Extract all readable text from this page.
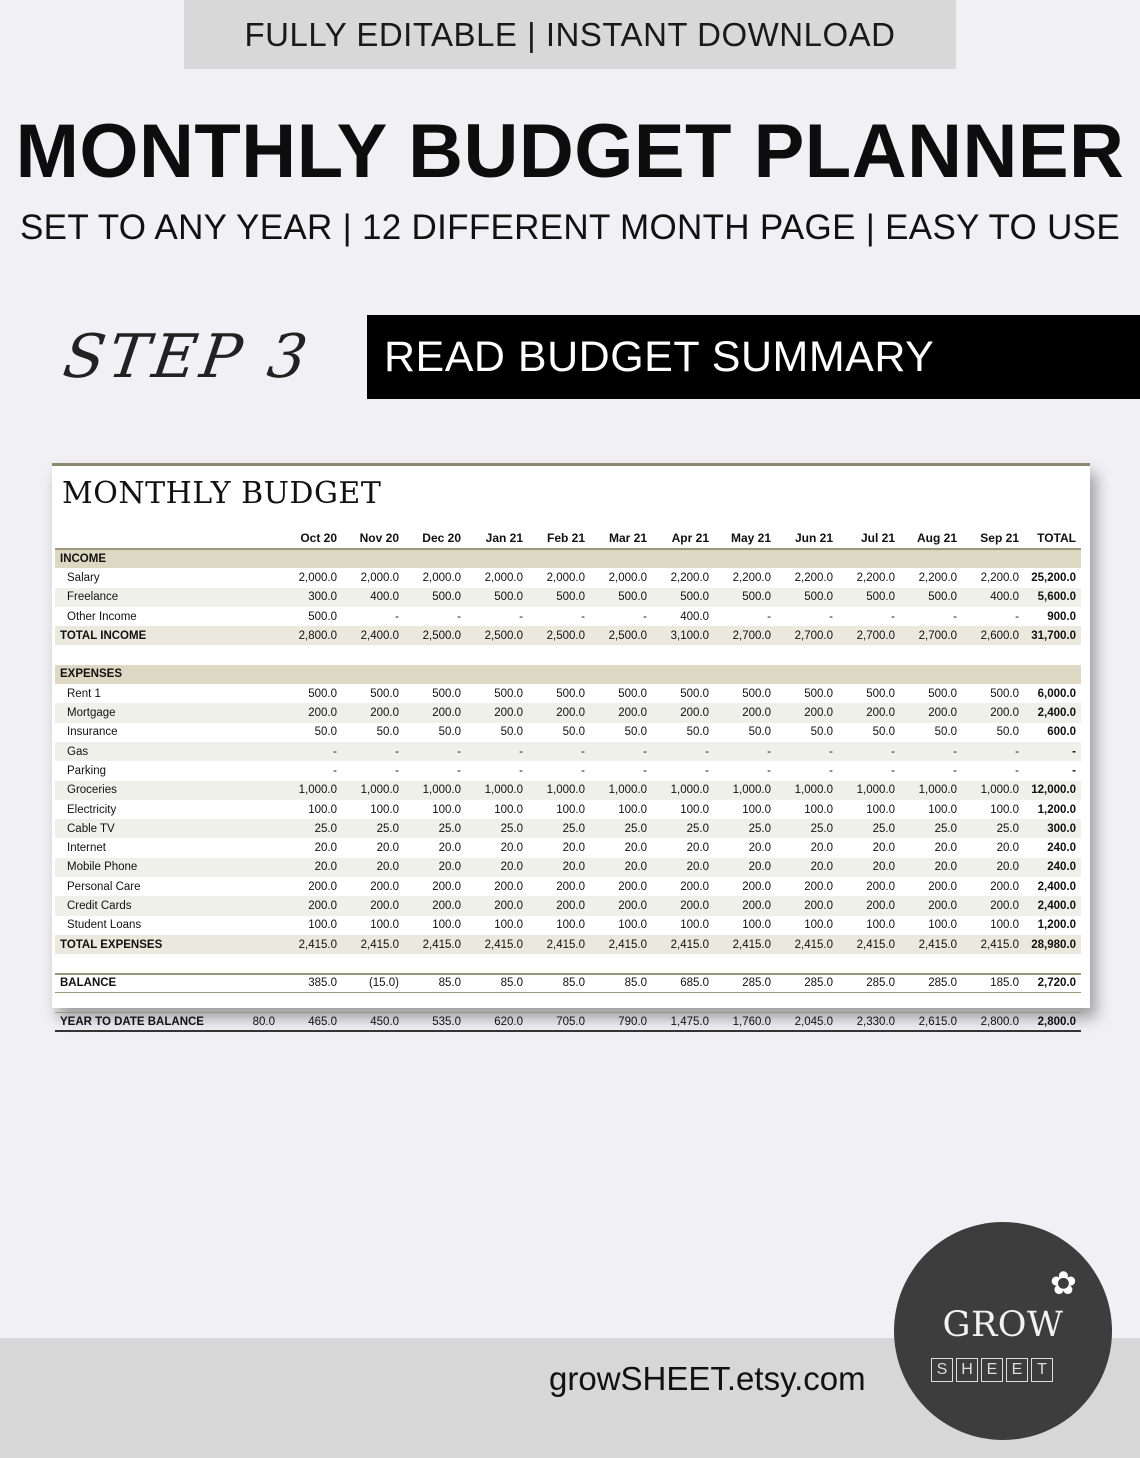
FULLY EDITABLE | INSTANT DOWNLOAD
MONTHLY BUDGET PLANNER
SET TO ANY YEAR | 12 DIFFERENT MONTH PAGE | EASY TO USE
STEP 3 READ BUDGET SUMMARY
MONTHLY BUDGET
		Oct 20	Nov 20	Dec 20	Jan 21	Feb 21	Mar 21	Apr 21	May 21	Jun 21	Jul 21	Aug 21	Sep 21	TOTAL
INCOME														
Salary		2,000.0	2,000.0	2,000.0	2,000.0	2,000.0	2,000.0	2,200.0	2,200.0	2,200.0	2,200.0	2,200.0	2,200.0	25,200.0
Freelance		300.0	400.0	500.0	500.0	500.0	500.0	500.0	500.0	500.0	500.0	500.0	400.0	5,600.0
Other Income		500.0	-	-	-	-	-	400.0	-	-	-	-	-	900.0
TOTAL INCOME		2,800.0	2,400.0	2,500.0	2,500.0	2,500.0	2,500.0	3,100.0	2,700.0	2,700.0	2,700.0	2,700.0	2,600.0	31,700.0

EXPENSES														
Rent 1		500.0	500.0	500.0	500.0	500.0	500.0	500.0	500.0	500.0	500.0	500.0	500.0	6,000.0
Mortgage		200.0	200.0	200.0	200.0	200.0	200.0	200.0	200.0	200.0	200.0	200.0	200.0	2,400.0
Insurance		50.0	50.0	50.0	50.0	50.0	50.0	50.0	50.0	50.0	50.0	50.0	50.0	600.0
Gas		-	-	-	-	-	-	-	-	-	-	-	-	-
Parking		-	-	-	-	-	-	-	-	-	-	-	-	-
Groceries		1,000.0	1,000.0	1,000.0	1,000.0	1,000.0	1,000.0	1,000.0	1,000.0	1,000.0	1,000.0	1,000.0	1,000.0	12,000.0
Electricity		100.0	100.0	100.0	100.0	100.0	100.0	100.0	100.0	100.0	100.0	100.0	100.0	1,200.0
Cable TV		25.0	25.0	25.0	25.0	25.0	25.0	25.0	25.0	25.0	25.0	25.0	25.0	300.0
Internet		20.0	20.0	20.0	20.0	20.0	20.0	20.0	20.0	20.0	20.0	20.0	20.0	240.0
Mobile Phone		20.0	20.0	20.0	20.0	20.0	20.0	20.0	20.0	20.0	20.0	20.0	20.0	240.0
Personal Care		200.0	200.0	200.0	200.0	200.0	200.0	200.0	200.0	200.0	200.0	200.0	200.0	2,400.0
Credit Cards		200.0	200.0	200.0	200.0	200.0	200.0	200.0	200.0	200.0	200.0	200.0	200.0	2,400.0
Student Loans		100.0	100.0	100.0	100.0	100.0	100.0	100.0	100.0	100.0	100.0	100.0	100.0	1,200.0
TOTAL EXPENSES		2,415.0	2,415.0	2,415.0	2,415.0	2,415.0	2,415.0	2,415.0	2,415.0	2,415.0	2,415.0	2,415.0	2,415.0	28,980.0

BALANCE		385.0	(15.0)	85.0	85.0	85.0	85.0	685.0	285.0	285.0	285.0	285.0	185.0	2,720.0

YEAR TO DATE BALANCE	80.0	465.0	450.0	535.0	620.0	705.0	790.0	1,475.0	1,760.0	2,045.0	2,330.0	2,615.0	2,800.0	2,800.0
growSHEET.etsy.com
✿
GROW
S H E E T
